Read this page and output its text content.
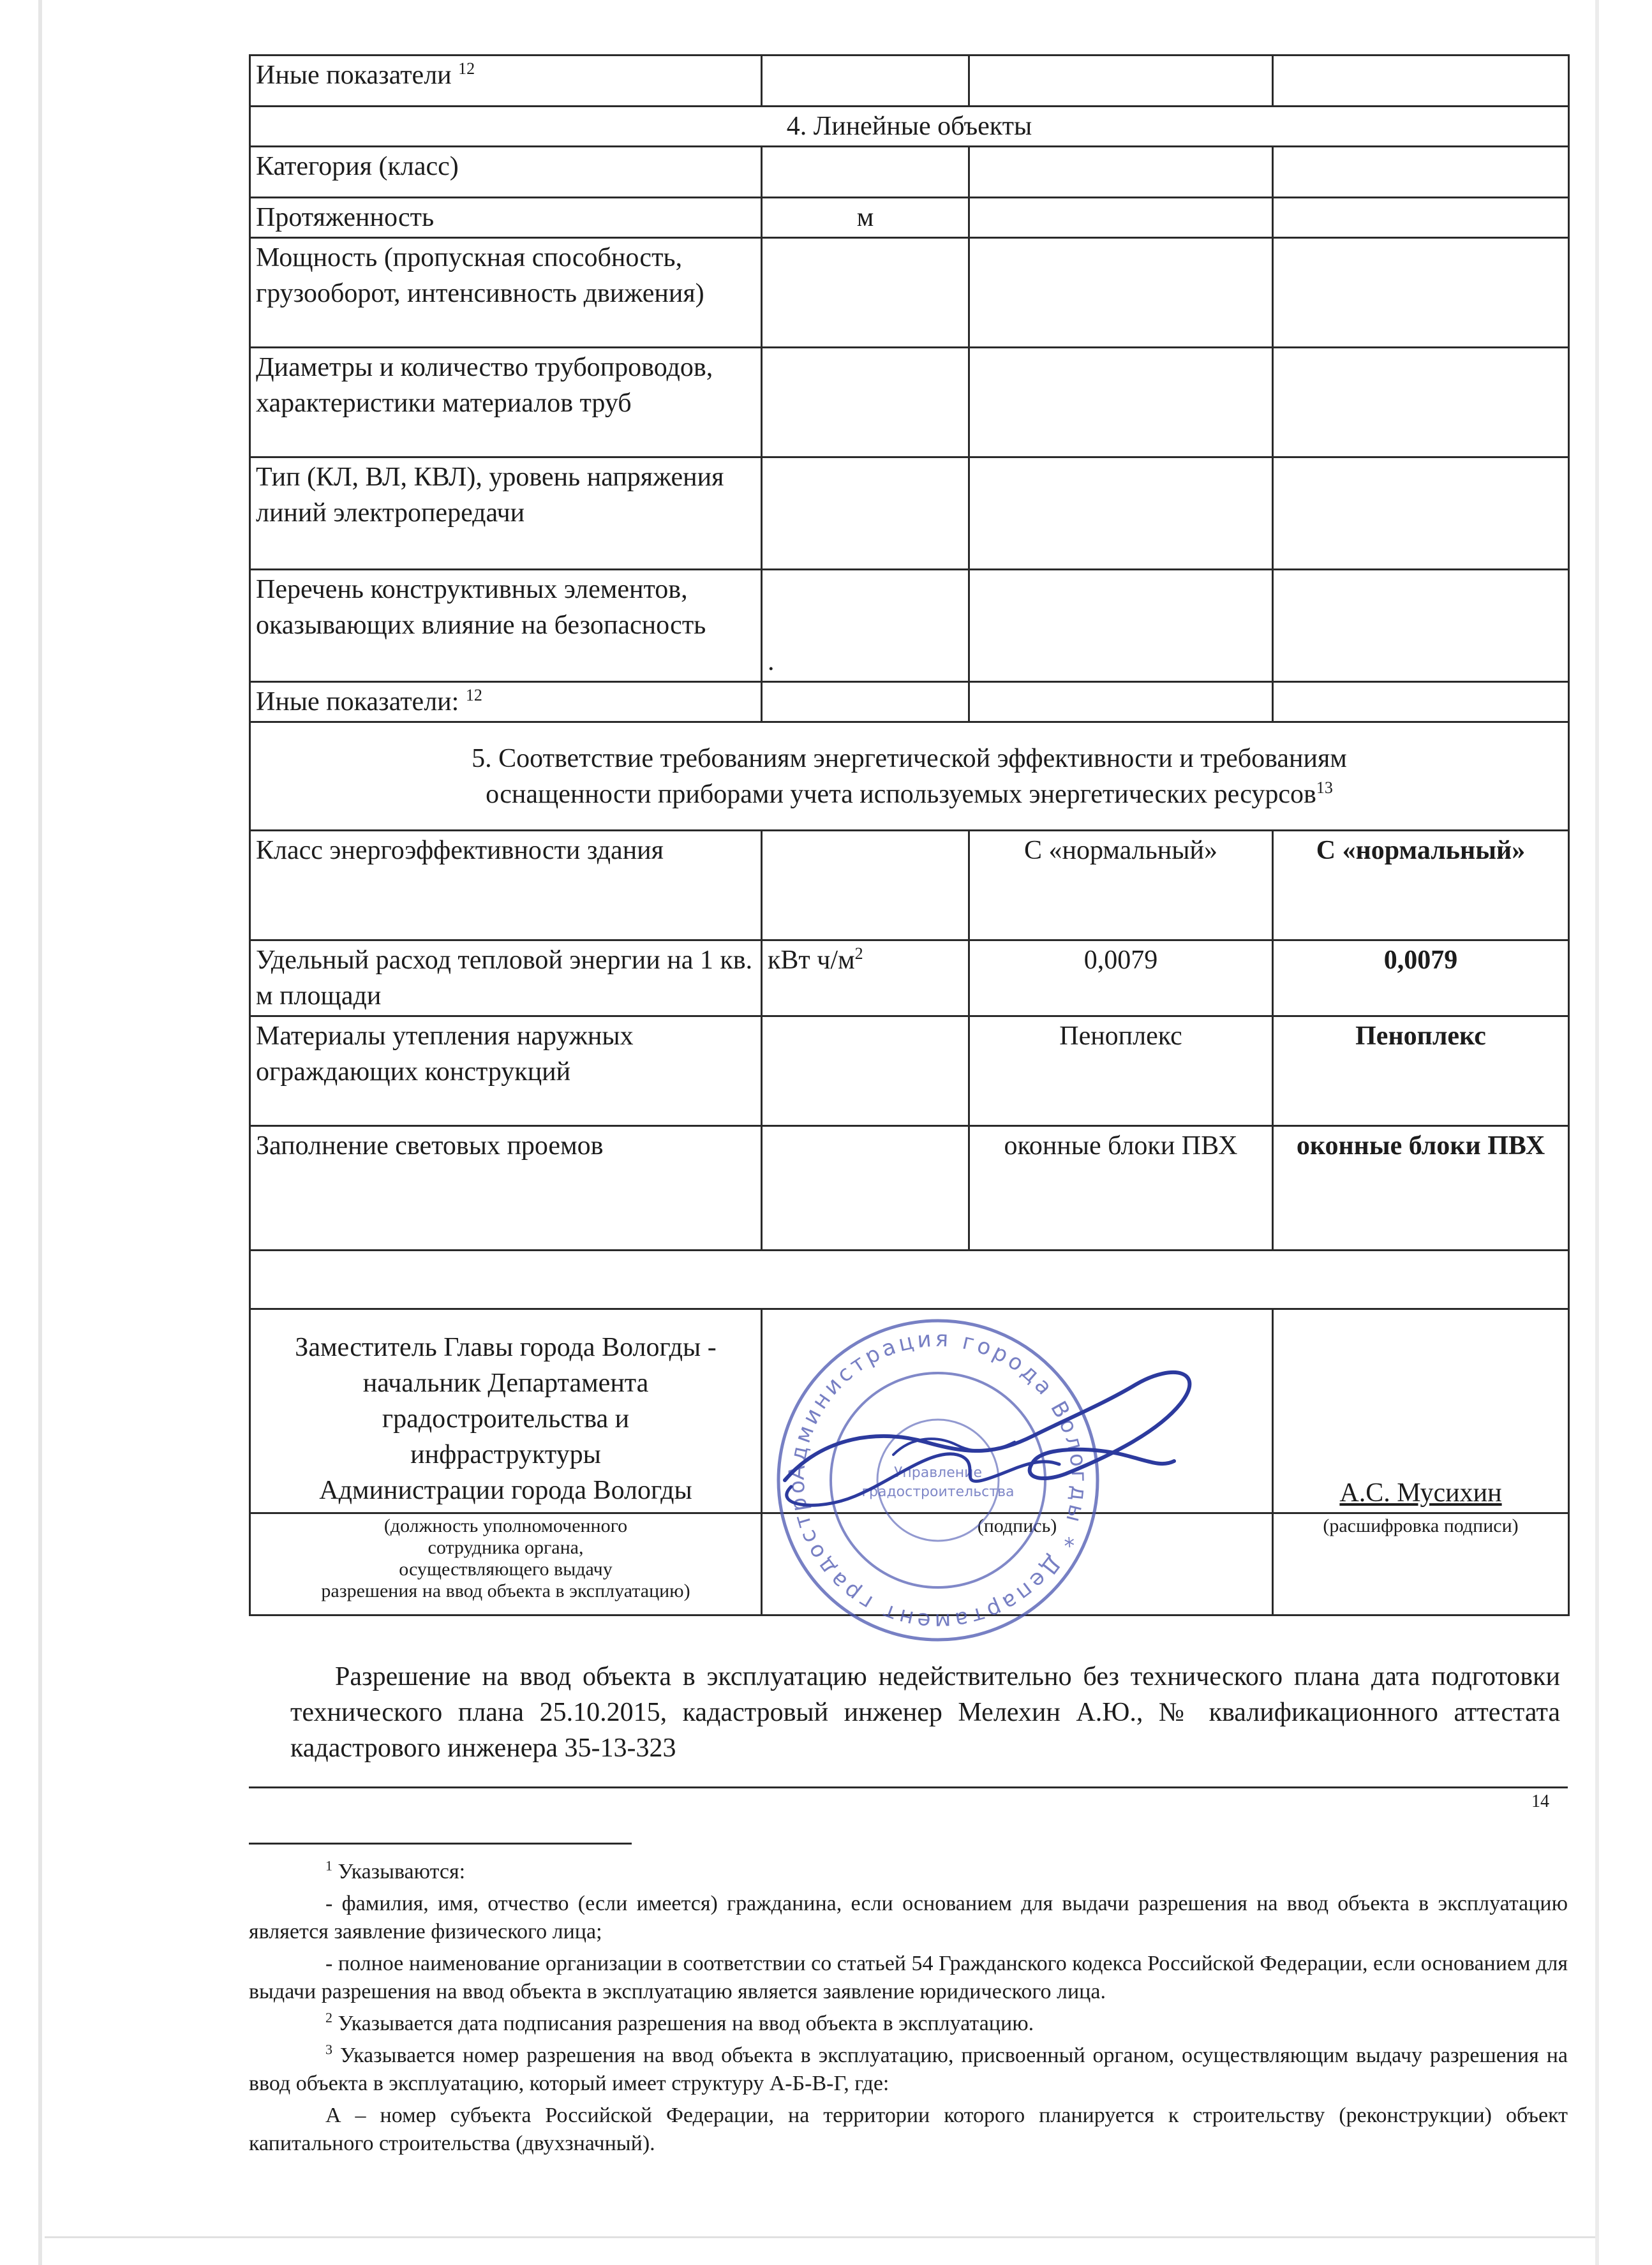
Иные показатели $^{12}$			
4. Линейные объекты			
Категория (класс)			
Протяженность	м		
Мощность (пропускная способность, грузооборот, интенсивность движения)			
Диаметры и количество трубопроводов, характеристики материалов труб			
Тип (КЛ, ВЛ, КВЛ), уровень напряжения линий электропередачи			
Перечень конструктивных элементов, оказывающих влияние на безопасность	.		
Иные показатели: $^{12}$			

5. Соответствие требованиям энергетической эффективности и требованиям
оснащенности приборами учета используемых энергетических ресурсов$^{13}$

Класс энергоэффективности здания		С «нормальный»	С «нормальный»
Удельный расход тепловой энергии на 1 кв. м площади	кВт $ч/м^2$	0,0079	0,0079
Материалы утепления наружных ограждающих конструкций		Пеноплекс	Пеноплекс
Заполнение световых проемов		оконные блоки ПВХ	оконные блоки ПВХ

Заместитель Главы города Вологды -
начальник Департамента
градостроительства и
инфраструктуры
Администрации города Вологды			А.С. Мусихин

(должность уполномоченного
сотрудника органа,
осуществляющего выдачу
разрешения на ввод объекта в эксплуатацию)	(подпись)		(расшифровка подписи)
Администрация города Вологды * Департамент градостро
Управление
градостроительства
Разрешение на ввод объекта в эксплуатацию недействительно без технического плана дата подготовки технического плана 25.10.2015, кадастровый инженер Мелехин А.Ю., № квалификационного аттестата кадастрового инженера 35-13-323
14

$^1$ Указываются:

- фамилия, имя, отчество (если имеется) гражданина, если основанием для выдачи разрешения на ввод объекта в эксплуатацию является заявление физического лица;

- полное наименование организации в соответствии со статьей 54 Гражданского кодекса Российской Федерации, если основанием для выдачи разрешения на ввод объекта в эксплуатацию является заявление юридического лица.

$^2$ Указывается дата подписания разрешения на ввод объекта в эксплуатацию.

$^3$ Указывается номер разрешения на ввод объекта в эксплуатацию, присвоенный органом, осуществляющим выдачу разрешения на ввод объекта в эксплуатацию, который имеет структуру А-Б-В-Г, где:

А – номер субъекта Российской Федерации, на территории которого планируется к строительству (реконструкции) объект капитального строительства (двухзначный).
